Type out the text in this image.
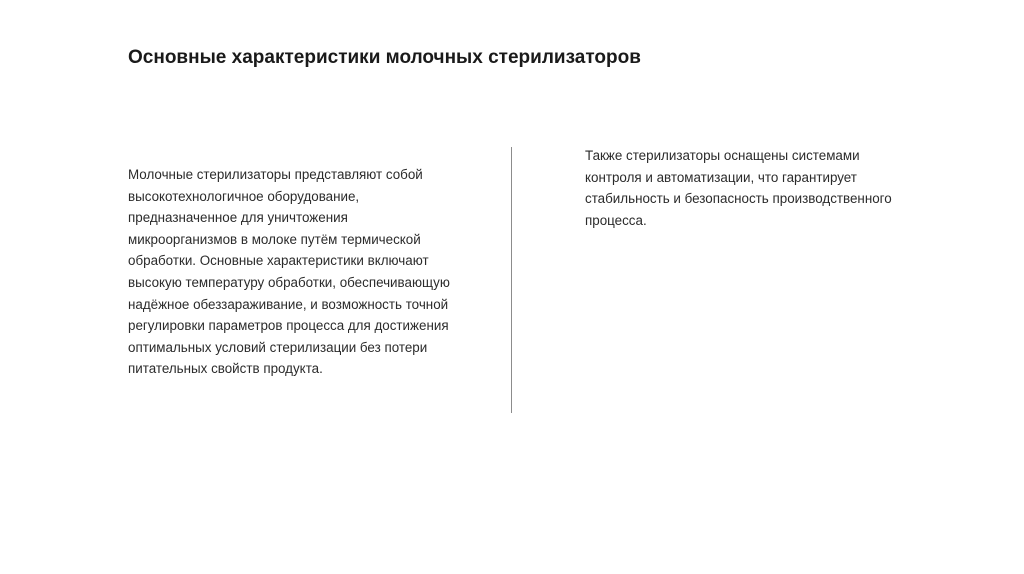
Основные характеристики молочных стерилизаторов
Молочные стерилизаторы представляют собой
высокотехнологичное оборудование,
предназначенное для уничтожения
микроорганизмов в молоке путём термической
обработки. Основные характеристики включают
высокую температуру обработки, обеспечивающую
надёжное обеззараживание, и возможность точной
регулировки параметров процесса для достижения
оптимальных условий стерилизации без потери
питательных свойств продукта.
Также стерилизаторы оснащены системами
контроля и автоматизации, что гарантирует
стабильность и безопасность производственного
процесса.
